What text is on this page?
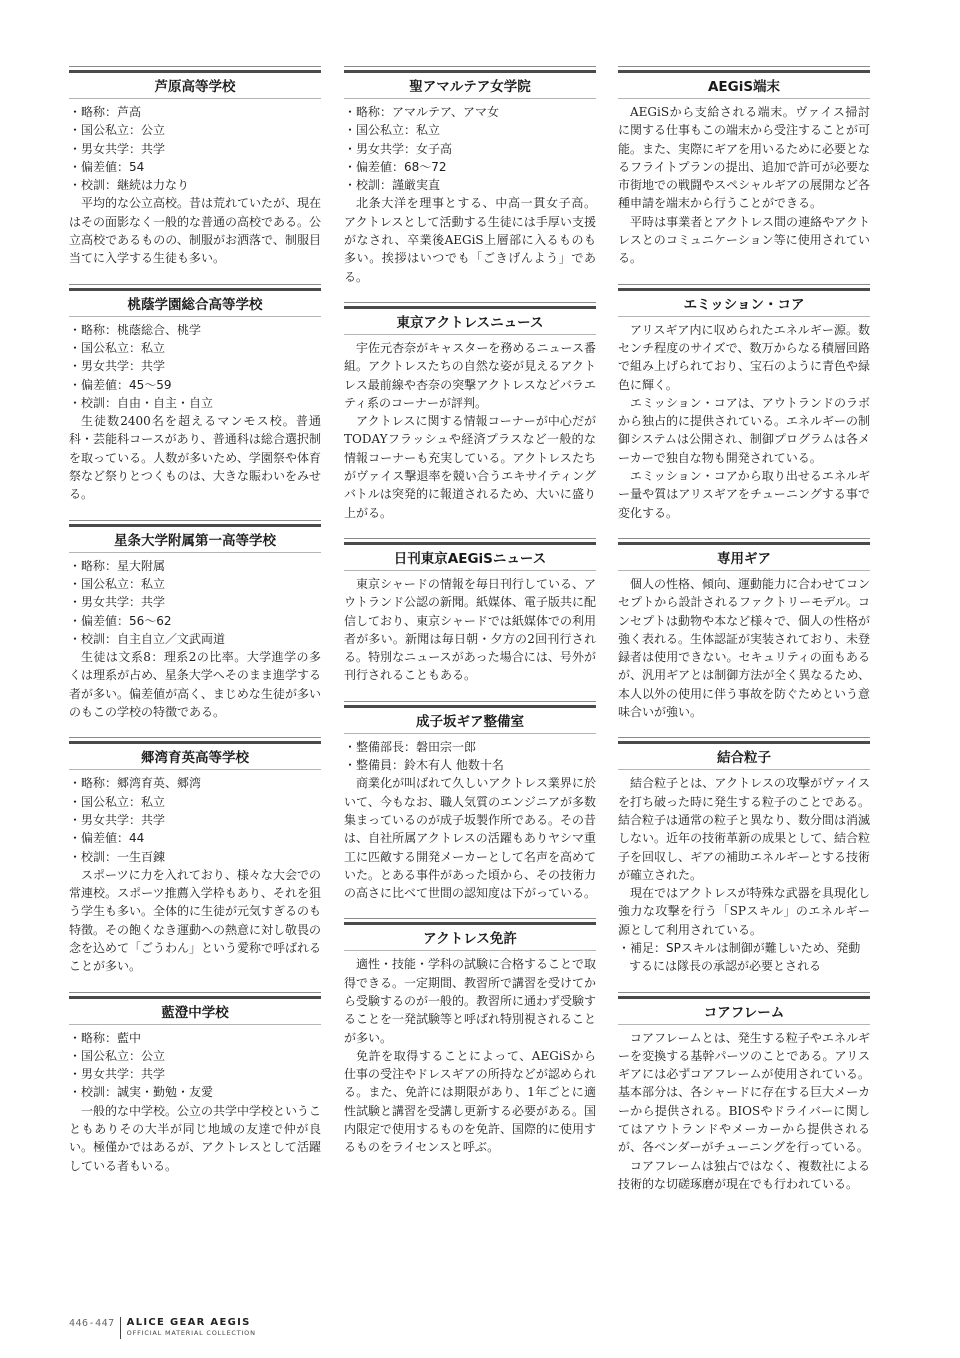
芦原高等学校

・略称：芦高

・国公私立：公立

・男女共学：共学

・偏差値：54

・校訓：継続は力なり

平均的な公立高校。昔は荒れていたが、現在はその面影なく一般的な普通の高校である。公立高校であるものの、制服がお洒落で、制服目当てに入学する生徒も多い。

桃蔭学園総合高等学校

・略称：桃蔭総合、桃学

・国公私立：私立

・男女共学：共学

・偏差値：45〜59

・校訓：自由・自主・自立

生徒数2400名を超えるマンモス校。普通科・芸能科コースがあり、普通科は総合選択制を取っている。人数が多いため、学園祭や体育祭など祭りとつくものは、大きな賑わいをみせる。

星条大学附属第一高等学校

・略称：星大附属

・国公私立：私立

・男女共学：共学

・偏差値：56〜62

・校訓：自主自立／文武両道

生徒は文系8：理系2の比率。大学進学の多くは理系が占め、星条大学へそのまま進学する者が多い。偏差値が高く、まじめな生徒が多いのもこの学校の特徴である。

郷湾育英高等学校

・略称：郷湾育英、郷湾

・国公私立：私立

・男女共学：共学

・偏差値：44

・校訓：一生百錬

スポーツに力を入れており、様々な大会での常連校。スポーツ推薦入学枠もあり、それを狙う学生も多い。全体的に生徒が元気すぎるのも特徴。その飽くなき運動への熱意に対し敬畏の念を込めて「ごうわん」という愛称で呼ばれることが多い。

藍澄中学校

・略称：藍中

・国公私立：公立

・男女共学：共学

・校訓：誠実・勤勉・友愛

一般的な中学校。公立の共学中学校ということもありその大半が同じ地域の友達で仲が良い。極僅かではあるが、アクトレスとして活躍している者もいる。

聖アマルテア女学院

・略称：アマルテア、アマ女

・国公私立：私立

・男女共学：女子高

・偏差値：68〜72

・校訓：謹厳実直

北条大洋を理事とする、中高一貫女子高。アクトレスとして活動する生徒には手厚い支援がなされ、卒業後AEGiS上層部に入るものも多い。挨拶はいつでも「ごきげんよう」である。

東京アクトレスニュース

宇佐元杏奈がキャスターを務めるニュース番組。アクトレスたちの自然な姿が見えるアクトレス最前線や杏奈の突撃アクトレスなどバラエティ系のコーナーが評判。

アクトレスに関する情報コーナーが中心だがTODAYフラッシュや経済プラスなど一般的な情報コーナーも充実している。アクトレスたちがヴァイス撃退率を競い合うエキサイティングバトルは突発的に報道されるため、大いに盛り上がる。

日刊東京AEGiSニュース

東京シャードの情報を毎日刊行している、アウトランド公認の新聞。紙媒体、電子版共に配信しており、東京シャードでは紙媒体での利用者が多い。新聞は毎日朝・夕方の2回刊行される。特別なニュースがあった場合には、号外が刊行されることもある。

成子坂ギア整備室

・整備部長：磐田宗一郎

・整備員：鈴木有人 他数十名

商業化が叫ばれて久しいアクトレス業界に於いて、今もなお、職人気質のエンジニアが多数集まっているのが成子坂製作所である。その昔は、自社所属アクトレスの活躍もありヤシマ重工に匹敵する開発メーカーとして名声を高めていた。とある事件があった頃から、その技術力の高さに比べて世間の認知度は下がっている。

アクトレス免許

適性・技能・学科の試験に合格することで取得できる。一定期間、教習所で講習を受けてから受験するのが一般的。教習所に通わず受験することを一発試験等と呼ばれ特別視されることが多い。

免許を取得することによって、AEGiSから仕事の受注やドレスギアの所持などが認められる。また、免許には期限があり、1年ごとに適性試験と講習を受講し更新する必要がある。国内限定で使用するものを免許、国際的に使用するものをライセンスと呼ぶ。

AEGiS端末

AEGiSから支給される端末。ヴァイス掃討に関する仕事もこの端末から受注することが可能。また、実際にギアを用いるために必要となるフライトプランの提出、追加で許可が必要な市街地での戦闘やスペシャルギアの展開など各種申請を端末から行うことができる。

平時は事業者とアクトレス間の連絡やアクトレスとのコミュニケーション等に使用されている。

エミッション・コア

アリスギア内に収められたエネルギー源。数センチ程度のサイズで、数万からなる積層回路で組み上げられており、宝石のように青色や緑色に輝く。

エミッション・コアは、アウトランドのラボから独占的に提供されている。エネルギーの制御システムは公開され、制御プログラムは各メーカーで独自な物も開発されている。

エミッション・コアから取り出せるエネルギー量や質はアリスギアをチューニングする事で変化する。

専用ギア

個人の性格、傾向、運動能力に合わせてコンセプトから設計されるファクトリーモデル。コンセプトは動物や本など様々で、個人の性格が強く表れる。生体認証が実装されており、未登録者は使用できない。セキュリティの面もあるが、汎用ギアとは制御方法が全く異なるため、本人以外の使用に伴う事故を防ぐためという意味合いが強い。

結合粒子

結合粒子とは、アクトレスの攻撃がヴァイスを打ち破った時に発生する粒子のことである。結合粒子は通常の粒子と異なり、数分間は消滅しない。近年の技術革新の成果として、結合粒子を回収し、ギアの補助エネルギーとする技術が確立された。

現在ではアクトレスが特殊な武器を具現化し強力な攻撃を行う「SPスキル」のエネルギー源として利用されている。

・補足：SPスキルは制御が難しいため、発動するには隊長の承認が必要とされる

コアフレーム

コアフレームとは、発生する粒子やエネルギーを変換する基幹パーツのことである。アリスギアには必ずコアフレームが使用されている。基本部分は、各シャードに存在する巨大メーカーから提供される。BIOSやドライバーに関してはアウトランドやメーカーから提供されるが、各ベンダーがチューニングを行っている。

コアフレームは独占ではなく、複数社による技術的な切磋琢磨が現在でも行われている。

446-447 ALICE GEAR AEGIS
OFFICIAL MATERIAL COLLECTION
